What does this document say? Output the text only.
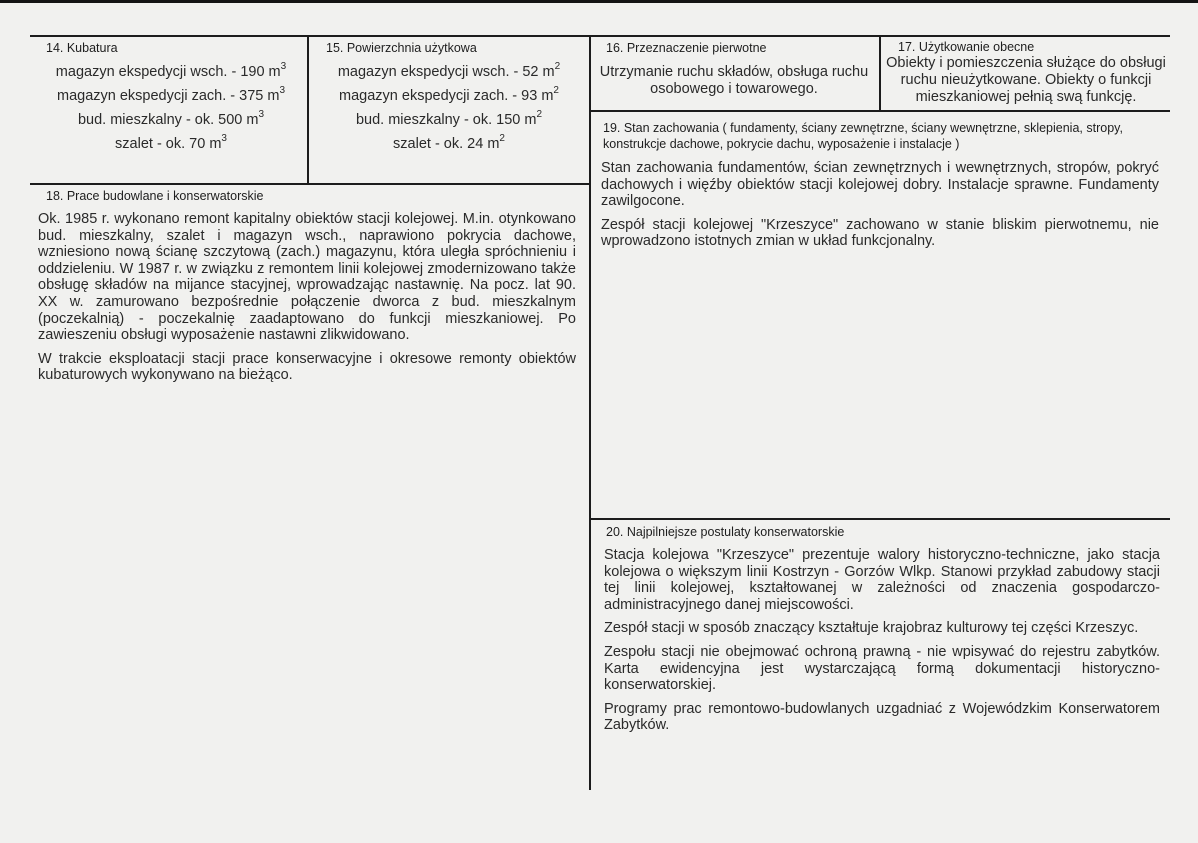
14. Kubatura
magazyn ekspedycji wsch. - 190 $m^3$
magazyn ekspedycji zach. - 375 $m^3$
bud. mieszkalny - ok. 500 $m^3$
szalet - ok. 70 $m^3$
15. Powierzchnia użytkowa
magazyn ekspedycji wsch. - 52 $m^2$
magazyn ekspedycji zach. - 93 $m^2$
bud. mieszkalny - ok. 150 $m^2$
szalet - ok. 24 $m^2$
16. Przeznaczenie pierwotne
Utrzymanie ruchu składów, obsługa ruchu osobowego i towarowego.
17. Użytkowanie obecne
Obiekty i pomieszczenia służące do obsługi ruchu nieużytkowane. Obiekty o funkcji mieszkaniowej pełnią swą funkcję.
18. Prace budowlane i konserwatorskie

Ok. 1985 r. wykonano remont kapitalny obiektów stacji kolejowej. M.in. otynkowano bud. mieszkalny, szalet i magazyn wsch., naprawiono pokrycia dachowe, wzniesiono nową ścianę szczytową (zach.) magazynu, która uległa spróchnieniu i oddzieleniu. W 1987 r. w związku z remontem linii kolejowej zmodernizowano także obsługę składów na mijance stacyjnej, wprowadzając nastawnię. Na pocz. lat 90. XX w. zamurowano bezpośrednie połączenie dworca z bud. mieszkalnym (poczekalnią) - poczekalnię zaadaptowano do funkcji mieszkaniowej. Po zawieszeniu obsługi wyposażenie nastawni zlikwidowano.

W trakcie eksploatacji stacji prace konserwacyjne i okresowe remonty obiektów kubaturowych wykonywano na bieżąco.

19. Stan zachowania ( fundamenty, ściany zewnętrzne, ściany wewnętrzne, sklepienia, stropy, konstrukcje dachowe, pokrycie dachu, wyposażenie i instalacje )

Stan zachowania fundamentów, ścian zewnętrznych i wewnętrznych, stropów, pokryć dachowych i więźby obiektów stacji kolejowej dobry. Instalacje sprawne. Fundamenty zawilgocone.

Zespół stacji kolejowej "Krzeszyce" zachowano w stanie bliskim pierwotnemu, nie wprowadzono istotnych zmian w układ funkcjonalny.

20. Najpilniejsze postulaty konserwatorskie

Stacja kolejowa "Krzeszyce" prezentuje walory historyczno-techniczne, jako stacja kolejowa o większym linii Kostrzyn - Gorzów Wlkp. Stanowi przykład zabudowy stacji tej linii kolejowej, kształtowanej w zależności od znaczenia gospodarczo-administracyjnego danej miejscowości.

Zespół stacji w sposób znaczący kształtuje krajobraz kulturowy tej części Krzeszyc.

Zespołu stacji nie obejmować ochroną prawną - nie wpisywać do rejestru zabytków. Karta ewidencyjna jest wystarczającą formą dokumentacji historyczno-konserwatorskiej.

Programy prac remontowo-budowlanych uzgadniać z Wojewódzkim Konserwatorem Zabytków.
